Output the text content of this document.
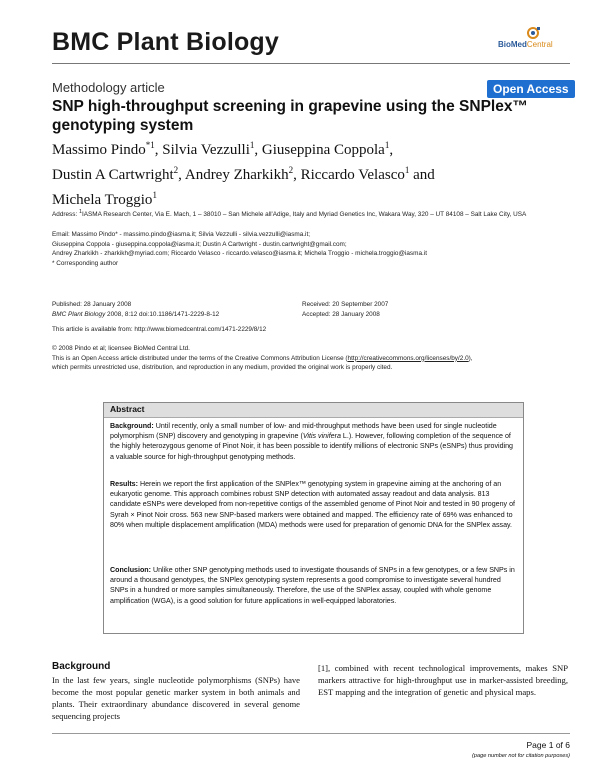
BMC Plant Biology	BioMedCentral
Methodology article	Open Access
SNP high-throughput screening in grapevine using the SNPlex™ genotyping system
Massimo Pindo$^{*1}$, Silvia Vezzulli$^1$, Giuseppina Coppola$^1$,
Dustin A Cartwright$^2$, Andrey Zharkikh$^2$, Riccardo Velasco$^1$ and
Michela Troggio$^1$
Address: $^1$IASMA Research Center, Via E. Mach, 1 – 38010 – San Michele all'Adige, Italy and Myriad Genetics Inc, Wakara Way, 320 – UT 84108 – Salt Lake City, USA
Email: Massimo Pindo* - massimo.pindo@iasma.it; Silvia Vezzulli - silvia.vezzulli@iasma.it;
Giuseppina Coppola - giuseppina.coppola@iasma.it; Dustin A Cartwright - dustin.cartwright@gmail.com;
Andrey Zharkikh - zharkikh@myriad.com; Riccardo Velasco - riccardo.velasco@iasma.it; Michela Troggio - michela.troggio@iasma.it
* Corresponding author
Published: 28 January 2008
BMC Plant Biology 2008, 8:12 doi:10.1186/1471-2229-8-12
Received: 20 September 2007
Accepted: 28 January 2008
This article is available from: http://www.biomedcentral.com/1471-2229/8/12
© 2008 Pindo et al; licensee BioMed Central Ltd.
This is an Open Access article distributed under the terms of the Creative Commons Attribution License (http://creativecommons.org/licenses/by/2.0),
which permits unrestricted use, distribution, and reproduction in any medium, provided the original work is properly cited.
Abstract
Background: Until recently, only a small number of low- and mid-throughput methods have been used for single nucleotide polymorphism (SNP) discovery and genotyping in grapevine (Vitis vinifera L.). However, following completion of the sequence of the highly heterozygous genome of Pinot Noir, it has been possible to identify millions of electronic SNPs (eSNPs) thus providing a valuable source for high-throughput genotyping methods.
Results: Herein we report the first application of the SNPlex™ genotyping system in grapevine aiming at the anchoring of an eukaryotic genome. This approach combines robust SNP detection with automated assay readout and data analysis. 813 candidate eSNPs were developed from non-repetitive contigs of the assembled genome of Pinot Noir and tested in 90 progeny of Syrah × Pinot Noir cross. 563 new SNP-based markers were obtained and mapped. The efficiency rate of 69% was enhanced to 80% when multiple displacement amplification (MDA) methods were used for preparation of genomic DNA for the SNPlex assay.
Conclusion: Unlike other SNP genotyping methods used to investigate thousands of SNPs in a few genotypes, or a few SNPs in around a thousand genotypes, the SNPlex genotyping system represents a good compromise to investigate several hundred SNPs in a hundred or more samples simultaneously. Therefore, the use of the SNPlex assay, coupled with whole genome amplification (WGA), is a good solution for future applications in well-equipped laboratories.
Background
In the last few years, single nucleotide polymorphisms (SNPs) have become the most popular genetic marker system in both animals and plants. Their extraordinary abundance discovered in several genome sequencing projects
[1], combined with recent technological improvements, makes SNP markers attractive for high-throughput use in marker-assisted breeding, EST mapping and the integration of genetic and physical maps.
Page 1 of 6
(page number not for citation purposes)
